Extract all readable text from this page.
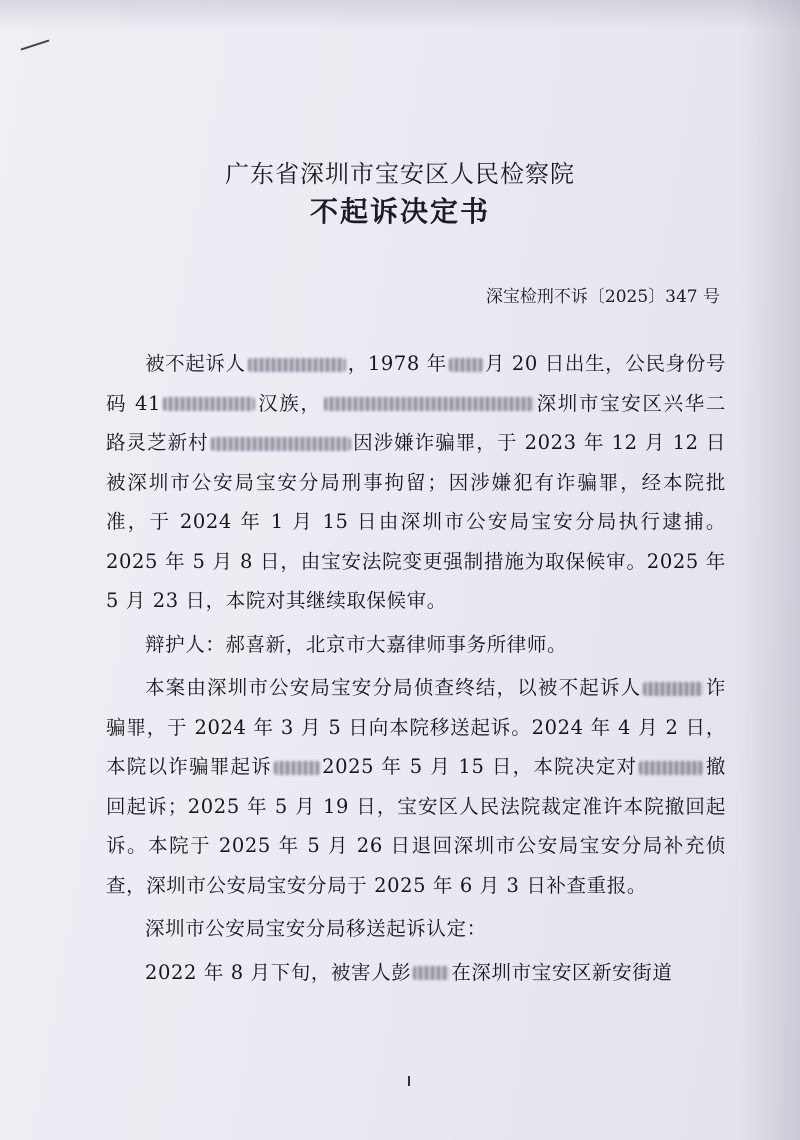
广东省深圳市宝安区人民检察院
不起诉决定书
深宝检刑不诉〔2025〕347 号

被不起诉人	，1978 年 月 20 日出生，公民身份号码 41	汉族，	深圳市宝安区兴华二路灵芝新村	因涉嫌诈骗罪，于 2023 年 12 月 12 日被深圳市公安局宝安分局刑事拘留；因涉嫌犯有诈骗罪，经本院批准，于 2024 年 1 月 15 日由深圳市公安局宝安分局执行逮捕。2025 年 5 月 8 日，由宝安法院变更强制措施为取保候审。2025 年 5 月 23 日，本院对其继续取保候审。

辩护人：郝喜新，北京市大嘉律师事务所律师。

本案由深圳市公安局宝安分局侦查终结，以被不起诉人	诈骗罪，于 2024 年 3 月 5 日向本院移送起诉。2024 年 4 月 2 日，本院以诈骗罪起诉	2025 年 5 月 15 日，本院决定对	撤回起诉；2025 年 5 月 19 日，宝安区人民法院裁定准许本院撤回起诉。本院于 2025 年 5 月 26 日退回深圳市公安局宝安分局补充侦查，深圳市公安局宝安分局于 2025 年 6 月 3 日补查重报。

深圳市公安局宝安分局移送起诉认定：

2022 年 8 月下旬，被害人彭 在深圳市宝安区新安街道
